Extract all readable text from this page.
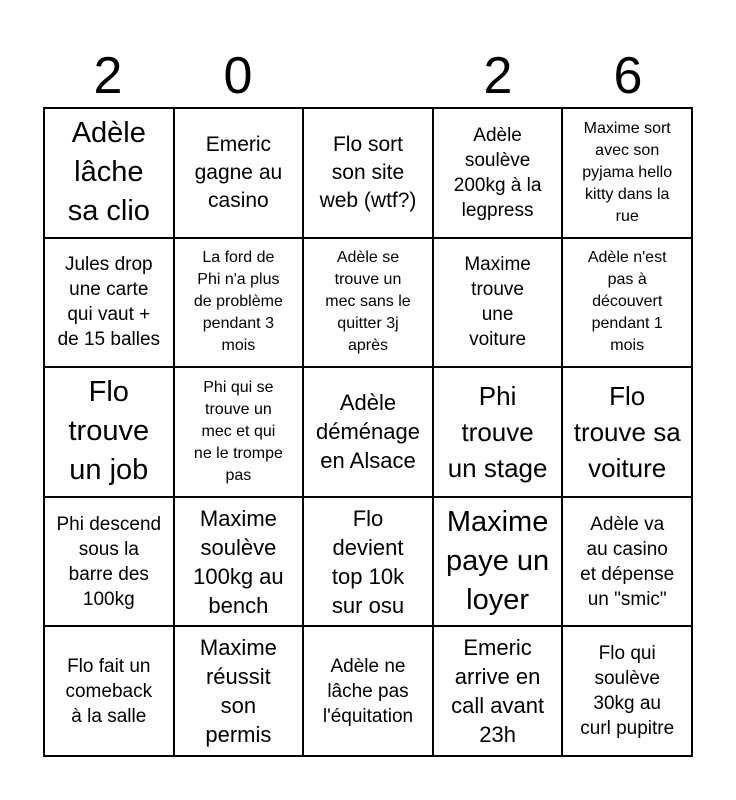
2	0	2	6
Adèle
lâche
sa clio
Emeric
gagne au
casino
Flo sort
son site
web (wtf?)
Adèle
soulève
200kg à la
legpress
Maxime sort
avec son
pyjama hello
kitty dans la
rue
Jules drop
une carte
qui vaut +
de 15 balles
La ford de
Phi n'a plus
de problème
pendant 3
mois
Adèle se
trouve un
mec sans le
quitter 3j
après
Maxime
trouve
une
voiture
Adèle n'est
pas à
découvert
pendant 1
mois
Flo
trouve
un job
Phi qui se
trouve un
mec et qui
ne le trompe
pas
Adèle
déménage
en Alsace
Phi
trouve
un stage
Flo
trouve sa
voiture
Phi descend
sous la
barre des
100kg
Maxime
soulève
100kg au
bench
Flo
devient
top 10k
sur osu
Maxime
paye un
loyer
Adèle va
au casino
et dépense
un "smic"
Flo fait un
comeback
à la salle
Maxime
réussit
son
permis
Adèle ne
lâche pas
l'équitation
Emeric
arrive en
call avant
23h
Flo qui
soulève
30kg au
curl pupitre
